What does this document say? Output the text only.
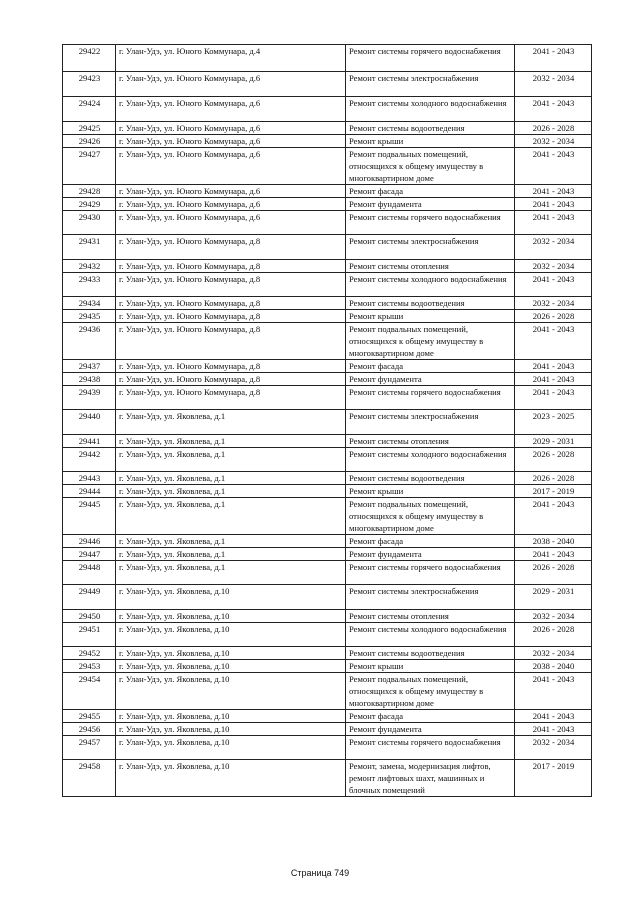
29422	г. Улан-Удэ, ул. Юного Коммунара, д.4	Ремонт системы горячего водоснабжения	2041 - 2043
29423	г. Улан-Удэ, ул. Юного Коммунара, д.6	Ремонт системы электроснабжения	2032 - 2034
29424	г. Улан-Удэ, ул. Юного Коммунара, д.6	Ремонт системы холодного водоснабжения	2041 - 2043
29425	г. Улан-Удэ, ул. Юного Коммунара, д.6	Ремонт системы водоотведения	2026 - 2028
29426	г. Улан-Удэ, ул. Юного Коммунара, д.6	Ремонт крыши	2032 - 2034
29427	г. Улан-Удэ, ул. Юного Коммунара, д.6	Ремонт подвальных помещений, относящихся к общему имуществу в многоквартирном доме	2041 - 2043
29428	г. Улан-Удэ, ул. Юного Коммунара, д.6	Ремонт фасада	2041 - 2043
29429	г. Улан-Удэ, ул. Юного Коммунара, д.6	Ремонт фундамента	2041 - 2043
29430	г. Улан-Удэ, ул. Юного Коммунара, д.6	Ремонт системы горячего водоснабжения	2041 - 2043
29431	г. Улан-Удэ, ул. Юного Коммунара, д.8	Ремонт системы электроснабжения	2032 - 2034
29432	г. Улан-Удэ, ул. Юного Коммунара, д.8	Ремонт системы отопления	2032 - 2034
29433	г. Улан-Удэ, ул. Юного Коммунара, д.8	Ремонт системы холодного водоснабжения	2041 - 2043
29434	г. Улан-Удэ, ул. Юного Коммунара, д.8	Ремонт системы водоотведения	2032 - 2034
29435	г. Улан-Удэ, ул. Юного Коммунара, д.8	Ремонт крыши	2026 - 2028
29436	г. Улан-Удэ, ул. Юного Коммунара, д.8	Ремонт подвальных помещений, относящихся к общему имуществу в многоквартирном доме	2041 - 2043
29437	г. Улан-Удэ, ул. Юного Коммунара, д.8	Ремонт фасада	2041 - 2043
29438	г. Улан-Удэ, ул. Юного Коммунара, д.8	Ремонт фундамента	2041 - 2043
29439	г. Улан-Удэ, ул. Юного Коммунара, д.8	Ремонт системы горячего водоснабжения	2041 - 2043
29440	г. Улан-Удэ, ул. Яковлева, д.1	Ремонт системы электроснабжения	2023 - 2025
29441	г. Улан-Удэ, ул. Яковлева, д.1	Ремонт системы отопления	2029 - 2031
29442	г. Улан-Удэ, ул. Яковлева, д.1	Ремонт системы холодного водоснабжения	2026 - 2028
29443	г. Улан-Удэ, ул. Яковлева, д.1	Ремонт системы водоотведения	2026 - 2028
29444	г. Улан-Удэ, ул. Яковлева, д.1	Ремонт крыши	2017 - 2019
29445	г. Улан-Удэ, ул. Яковлева, д.1	Ремонт подвальных помещений, относящихся к общему имуществу в многоквартирном доме	2041 - 2043
29446	г. Улан-Удэ, ул. Яковлева, д.1	Ремонт фасада	2038 - 2040
29447	г. Улан-Удэ, ул. Яковлева, д.1	Ремонт фундамента	2041 - 2043
29448	г. Улан-Удэ, ул. Яковлева, д.1	Ремонт системы горячего водоснабжения	2026 - 2028
29449	г. Улан-Удэ, ул. Яковлева, д.10	Ремонт системы электроснабжения	2029 - 2031
29450	г. Улан-Удэ, ул. Яковлева, д.10	Ремонт системы отопления	2032 - 2034
29451	г. Улан-Удэ, ул. Яковлева, д.10	Ремонт системы холодного водоснабжения	2026 - 2028
29452	г. Улан-Удэ, ул. Яковлева, д.10	Ремонт системы водоотведения	2032 - 2034
29453	г. Улан-Удэ, ул. Яковлева, д.10	Ремонт крыши	2038 - 2040
29454	г. Улан-Удэ, ул. Яковлева, д.10	Ремонт подвальных помещений, относящихся к общему имуществу в многоквартирном доме	2041 - 2043
29455	г. Улан-Удэ, ул. Яковлева, д.10	Ремонт фасада	2041 - 2043
29456	г. Улан-Удэ, ул. Яковлева, д.10	Ремонт фундамента	2041 - 2043
29457	г. Улан-Удэ, ул. Яковлева, д.10	Ремонт системы горячего водоснабжения	2032 - 2034
29458	г. Улан-Удэ, ул. Яковлева, д.10	Ремонт, замена, модернизация лифтов, ремонт лифтовых шахт, машинных и блочных помещений	2017 - 2019
Страница 749
